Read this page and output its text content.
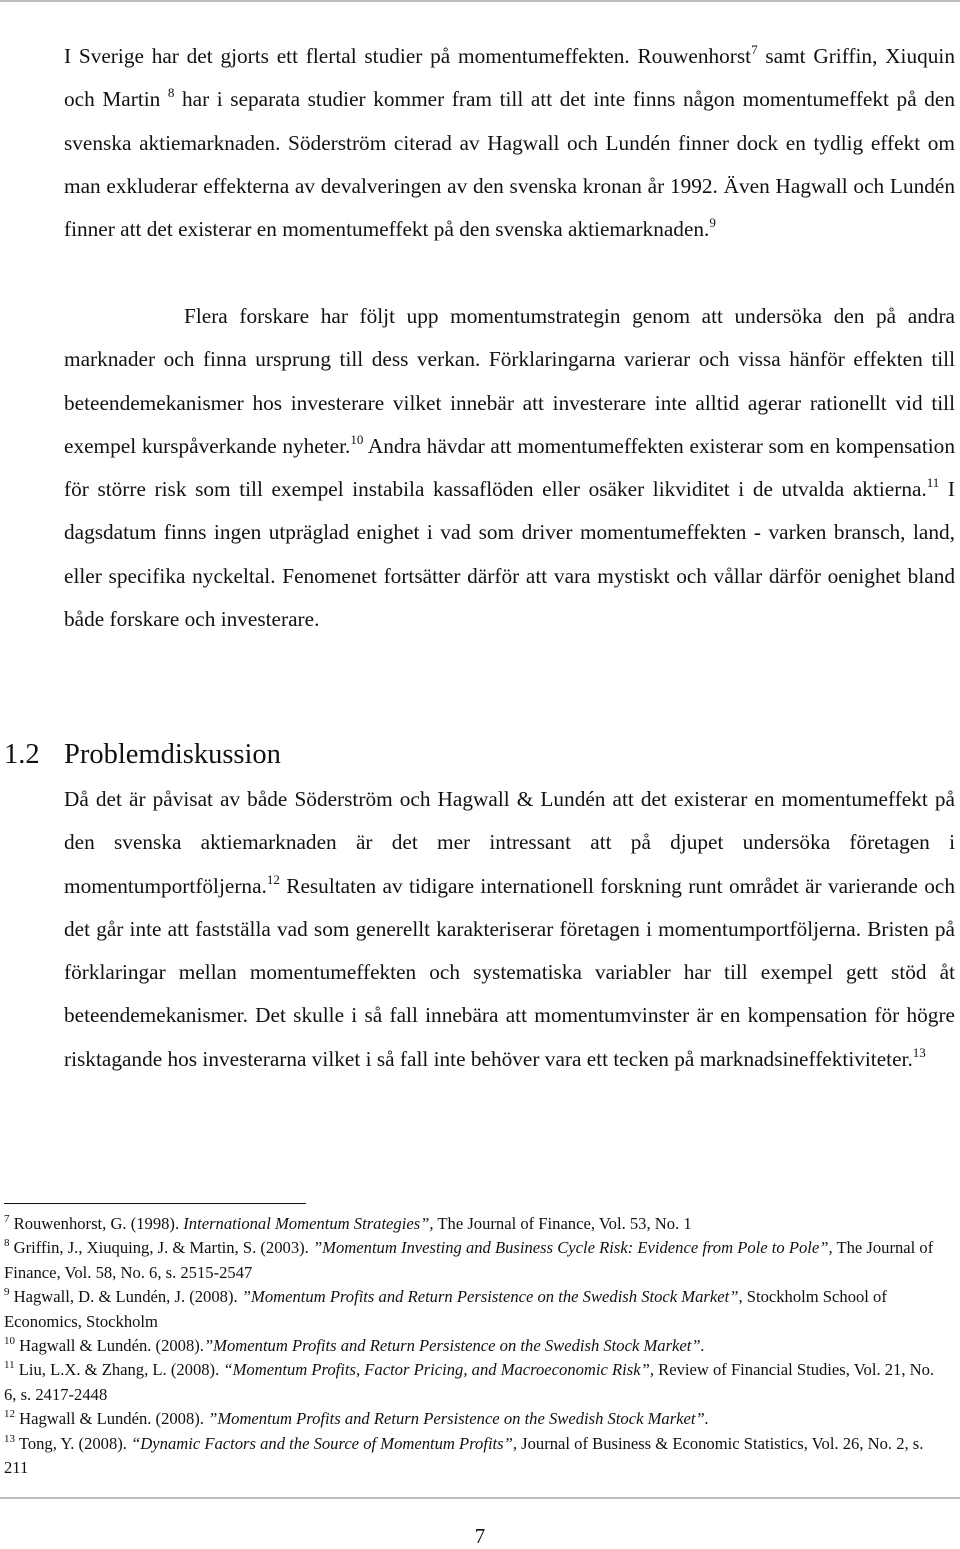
I Sverige har det gjorts ett flertal studier på momentumeffekten. Rouwenhorst$^7$ samt Griffin, Xiuquin och Martin $^8$ har i separata studier kommer fram till att det inte finns någon momentumeffekt på den svenska aktiemarknaden. Söderström citerad av Hagwall och Lundén finner dock en tydlig effekt om man exkluderar effekterna av devalveringen av den svenska kronan år 1992. Även Hagwall och Lundén finner att det existerar en momentumeffekt på den svenska aktiemarknaden.$^9$

Flera forskare har följt upp momentumstrategin genom att undersöka den på andra marknader och finna ursprung till dess verkan. Förklaringarna varierar och vissa hänför effekten till beteendemekanismer hos investerare vilket innebär att investerare inte alltid agerar rationellt vid till exempel kurspåverkande nyheter.$^{10}$ Andra hävdar att momentumeffekten existerar som en kompensation för större risk som till exempel instabila kassaflöden eller osäker likviditet i de utvalda aktierna.$^{11}$ I dagsdatum finns ingen utpräglad enighet i vad som driver momentumeffekten - varken bransch, land, eller specifika nyckeltal. Fenomenet fortsätter därför att vara mystiskt och vållar därför oenighet bland både forskare och investerare.

1.2 Problemdiskussion

Då det är påvisat av både Söderström och Hagwall & Lundén att det existerar en momentumeffekt på den svenska aktiemarknaden är det mer intressant att på djupet undersöka företagen i momentumportföljerna.$^{12}$ Resultaten av tidigare internationell forskning runt området är varierande och det går inte att fastställa vad som generellt karakteriserar företagen i momentumportföljerna. Bristen på förklaringar mellan momentumeffekten och systematiska variabler har till exempel gett stöd åt beteendemekanismer. Det skulle i så fall innebära att momentumvinster är en kompensation för högre risktagande hos investerarna vilket i så fall inte behöver vara ett tecken på marknadsineffektiviteter.$^{13}$

$^7$ Rouwenhorst, G. (1998). International Momentum Strategies”, The Journal of Finance, Vol. 53, No. 1

$^8$ Griffin, J., Xiuquing, J. & Martin, S. (2003). ”Momentum Investing and Business Cycle Risk: Evidence from Pole to Pole”, The Journal of Finance, Vol. 58, No. 6, s. 2515-2547

$^9$ Hagwall, D. & Lundén, J. (2008). ”Momentum Profits and Return Persistence on the Swedish Stock Market”, Stockholm School of Economics, Stockholm

$^{10}$ Hagwall & Lundén. (2008).”Momentum Profits and Return Persistence on the Swedish Stock Market”.

$^{11}$ Liu, L.X. & Zhang, L. (2008). “Momentum Profits, Factor Pricing, and Macroeconomic Risk”, Review of Financial Studies, Vol. 21, No. 6, s. 2417-2448

$^{12}$ Hagwall & Lundén. (2008). ”Momentum Profits and Return Persistence on the Swedish Stock Market”.

$^{13}$ Tong, Y. (2008). “Dynamic Factors and the Source of Momentum Profits”, Journal of Business & Economic Statistics, Vol. 26, No. 2, s. 211

7
